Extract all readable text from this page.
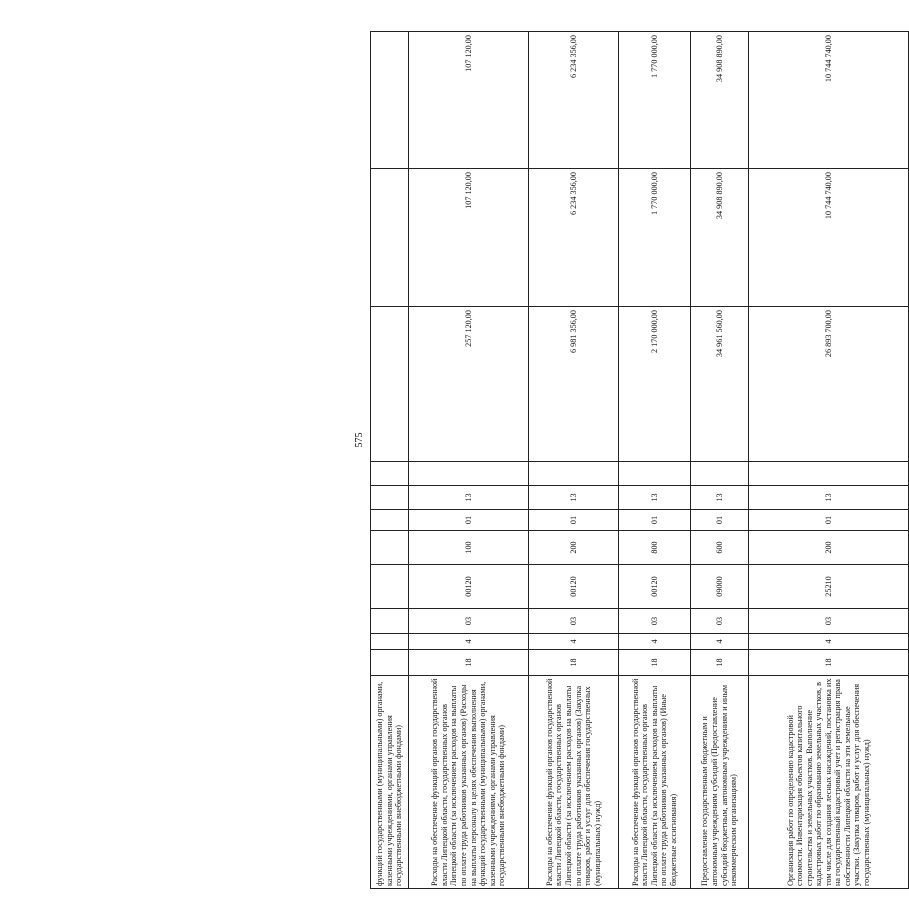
575
функций государственными (муниципальными) органами, казенными учреждениями, органами управления государственными внебюджетными фондами)											
Расходы на обеспечение функций органов государственной власти Липецкой области, государственных органов Липецкой области (за исключением расходов на выплаты по оплате труда работников указанных органов) (Расходы на выплаты персоналу в целях обеспечения выполнения функций государственными (муниципальными) органами, казенными учреждениями, органами управления государственными внебюджетными фондами)	18	4	03	00120	100	01	13		257 120,00	107 120,00	107 120,00
Расходы на обеспечение функций органов государственной власти Липецкой области, государственных органов Липецкой области (за исключением расходов на выплаты по оплате труда работников указанных органов) (Закупка товаров, работ и услуг для обеспечения государственных (муниципальных) нужд)	18	4	03	00120	200	01	13		6 981 356,00	6 234 356,00	6 234 356,00
Расходы на обеспечение функций органов государственной власти Липецкой области, государственных органов Липецкой области (за исключением расходов на выплаты по оплате труда работников указанных органов) (Иные бюджетные ассигнования)	18	4	03	00120	800	01	13		2 170 000,00	1 770 000,00	1 770 000,00
Предоставление государственным бюджетным и автономным учреждениям субсидий (Предоставление субсидий бюджетным, автономным учреждениям и иным некоммерческим организациям)	18	4	03	09000	600	01	13		34 961 560,00	34 908 890,00	34 908 890,00
Организация работ по определению кадастровой стоимости. Инвентаризация объектов капитального строительства и земельных участков. Выполнение кадастровых работ по образованию земельных участков, в том числе для создания лесных насаждений, постановка их на государственный кадастровый учет и регистрация права собственности Липецкой области на эти земельные участки. (Закупка товаров, работ и услуг для обеспечения государственных (муниципальных) нужд)	18	4	03	25210	200	01	13		26 893 700,00	10 744 740,00	10 744 740,00
